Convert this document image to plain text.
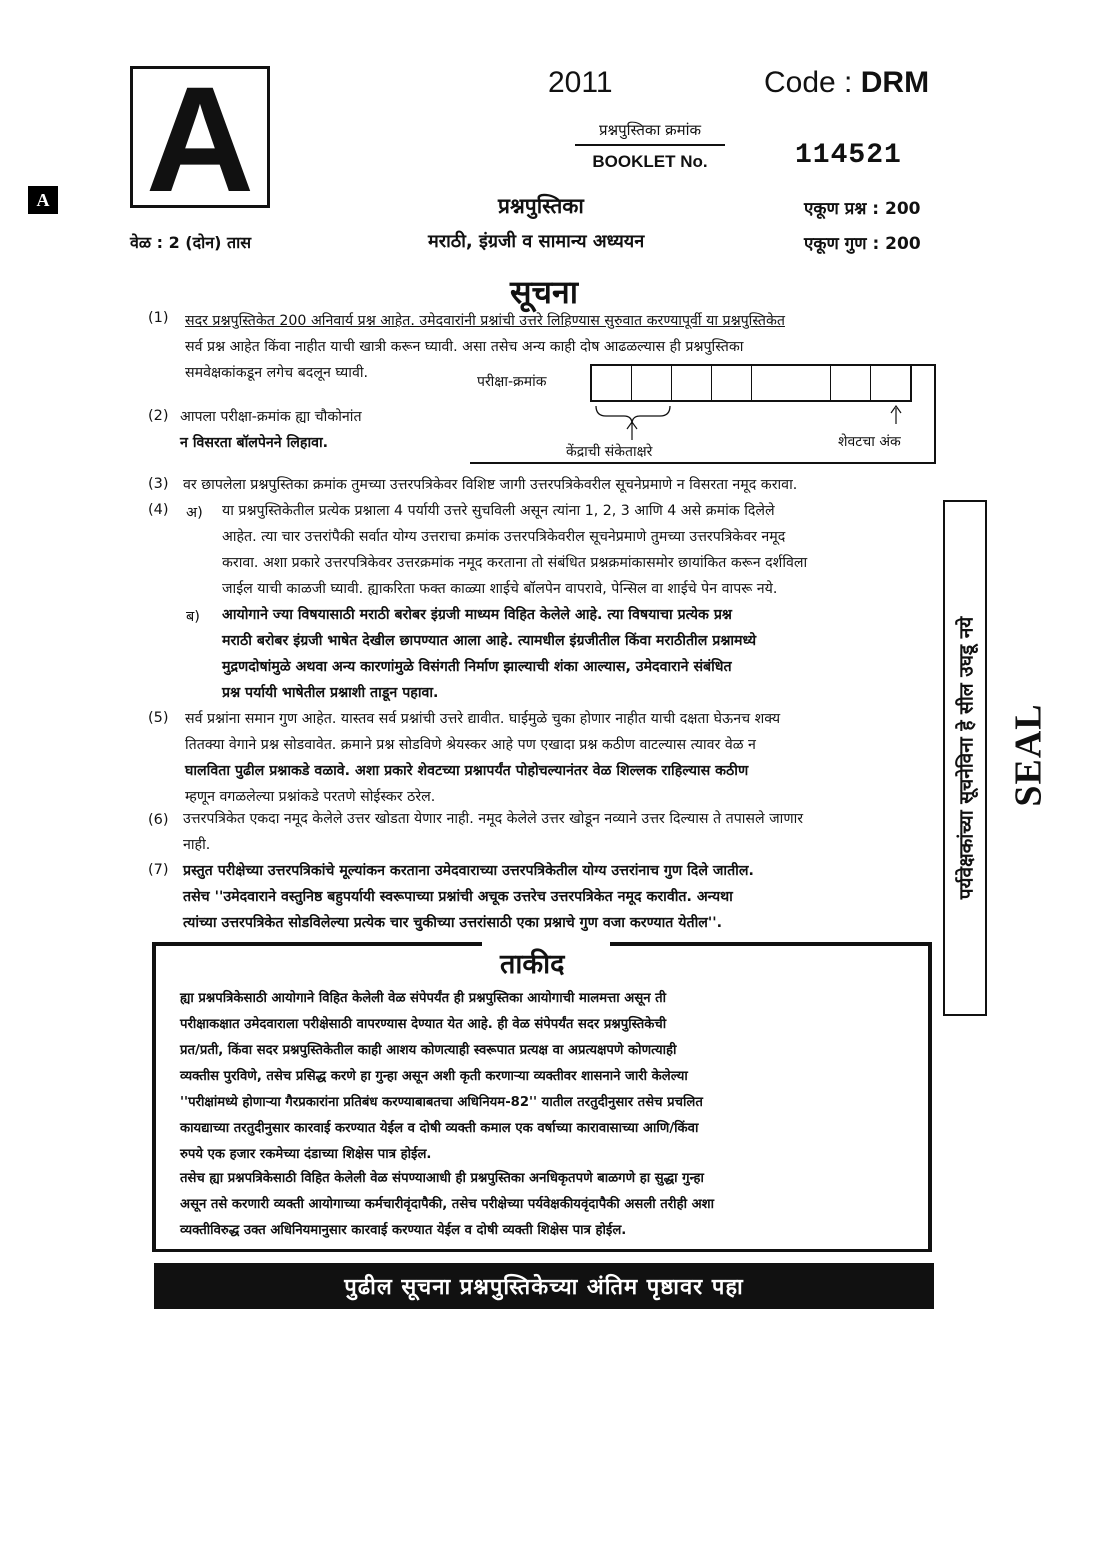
A
A
2011	Code : DRM
प्रश्नपुस्तिका क्रमांक
BOOKLET No.	114521
प्रश्नपुस्तिका
मराठी, इंग्रजी व सामान्य अध्ययन
एकूण प्रश्न : 200
एकूण गुण : 200
वेळ : 2 (दोन) तास
सूचना
(1) सदर प्रश्नपुस्तिकेत 200 अनिवार्य प्रश्न आहेत. उमेदवारांनी प्रश्नांची उत्तरे लिहिण्यास सुरुवात करण्यापूर्वी या प्रश्नपुस्तिकेत
सर्व प्रश्न आहेत किंवा नाहीत याची खात्री करून घ्यावी. असा तसेच अन्य काही दोष आढळल्यास ही प्रश्नपुस्तिका
समवेक्षकांकडून लगेच बदलून घ्यावी.
परीक्षा-क्रमांक
केंद्राची संकेताक्षरे
शेवटचा अंक
(2) आपला परीक्षा-क्रमांक ह्या चौकोनांत
न विसरता बॉलपेनने लिहावा.
(3) वर छापलेला प्रश्नपुस्तिका क्रमांक तुमच्या उत्तरपत्रिकेवर विशिष्ट जागी उत्तरपत्रिकेवरील सूचनेप्रमाणे न विसरता नमूद करावा.
(4) अ) या प्रश्नपुस्तिकेतील प्रत्येक प्रश्नाला 4 पर्यायी उत्तरे सुचविली असून त्यांना 1, 2, 3 आणि 4 असे क्रमांक दिलेले
आहेत. त्या चार उत्तरांपैकी सर्वात योग्य उत्तराचा क्रमांक उत्तरपत्रिकेवरील सूचनेप्रमाणे तुमच्या उत्तरपत्रिकेवर नमूद
करावा. अशा प्रकारे उत्तरपत्रिकेवर उत्तरक्रमांक नमूद करताना तो संबंधित प्रश्नक्रमांकासमोर छायांकित करून दर्शविला
जाईल याची काळजी घ्यावी. ह्याकरिता फक्त काळ्या शाईचे बॉलपेन वापरावे, पेन्सिल वा शाईचे पेन वापरू नये.
ब) आयोगाने ज्या विषयासाठी मराठी बरोबर इंग्रजी माध्यम विहित केलेले आहे. त्या विषयाचा प्रत्येक प्रश्न
मराठी बरोबर इंग्रजी भाषेत देखील छापण्यात आला आहे. त्यामधील इंग्रजीतील किंवा मराठीतील प्रश्नामध्ये
मुद्रणदोषांमुळे अथवा अन्य कारणांमुळे विसंगती निर्माण झाल्याची शंका आल्यास, उमेदवाराने संबंधित
प्रश्न पर्यायी भाषेतील प्रश्नाशी ताडून पहावा.
(5) सर्व प्रश्नांना समान गुण आहेत. यास्तव सर्व प्रश्नांची उत्तरे द्यावीत. घाईमुळे चुका होणार नाहीत याची दक्षता घेऊनच शक्य
तितक्या वेगाने प्रश्न सोडवावेत. क्रमाने प्रश्न सोडविणे श्रेयस्कर आहे पण एखादा प्रश्न कठीण वाटल्यास त्यावर वेळ न
घालविता पुढील प्रश्नाकडे वळावे. अशा प्रकारे शेवटच्या प्रश्नापर्यंत पोहोचल्यानंतर वेळ शिल्लक राहिल्यास कठीण
म्हणून वगळलेल्या प्रश्नांकडे परतणे सोईस्कर ठरेल.
(6) उत्तरपत्रिकेत एकदा नमूद केलेले उत्तर खोडता येणार नाही. नमूद केलेले उत्तर खोडून नव्याने उत्तर दिल्यास ते तपासले जाणार
नाही.
(7) प्रस्तुत परीक्षेच्या उत्तरपत्रिकांचे मूल्यांकन करताना उमेदवाराच्या उत्तरपत्रिकेतील योग्य उत्तरांनाच गुण दिले जातील.
तसेच ''उमेदवाराने वस्तुनिष्ठ बहुपर्यायी स्वरूपाच्या प्रश्नांची अचूक उत्तरेच उत्तरपत्रिकेत नमूद करावीत. अन्यथा
त्यांच्या उत्तरपत्रिकेत सोडविलेल्या प्रत्येक चार चुकीच्या उत्तरांसाठी एका प्रश्नाचे गुण वजा करण्यात येतील''.
पर्यवेक्षकांच्या सूचनेविना हे सील उघडू नये SEAL
ताकीद
ह्या प्रश्नपत्रिकेसाठी आयोगाने विहित केलेली वेळ संपेपर्यंत ही प्रश्नपुस्तिका आयोगाची मालमत्ता असून ती
परीक्षाकक्षात उमेदवाराला परीक्षेसाठी वापरण्यास देण्यात येत आहे. ही वेळ संपेपर्यंत सदर प्रश्नपुस्तिकेची
प्रत/प्रती, किंवा सदर प्रश्नपुस्तिकेतील काही आशय कोणत्याही स्वरूपात प्रत्यक्ष वा अप्रत्यक्षपणे कोणत्याही
व्यक्तीस पुरविणे, तसेच प्रसिद्ध करणे हा गुन्हा असून अशी कृती करणाऱ्या व्यक्तीवर शासनाने जारी केलेल्या
''परीक्षांमध्ये होणाऱ्या गैरप्रकारांना प्रतिबंध करण्याबाबतचा अधिनियम-82'' यातील तरतुदीनुसार तसेच प्रचलित
कायद्याच्या तरतुदीनुसार कारवाई करण्यात येईल व दोषी व्यक्ती कमाल एक वर्षाच्या कारावासाच्या आणि/किंवा
रुपये एक हजार रकमेच्या दंडाच्या शिक्षेस पात्र होईल.
तसेच ह्या प्रश्नपत्रिकेसाठी विहित केलेली वेळ संपण्याआधी ही प्रश्नपुस्तिका अनधिकृतपणे बाळगणे हा सुद्धा गुन्हा
असून तसे करणारी व्यक्ती आयोगाच्या कर्मचारीवृंदापैकी, तसेच परीक्षेच्या पर्यवेक्षकीयवृंदापैकी असली तरीही अशा
व्यक्तीविरुद्ध उक्त अधिनियमानुसार कारवाई करण्यात येईल व दोषी व्यक्ती शिक्षेस पात्र होईल.
पुढील सूचना प्रश्नपुस्तिकेच्या अंतिम पृष्ठावर पहा
